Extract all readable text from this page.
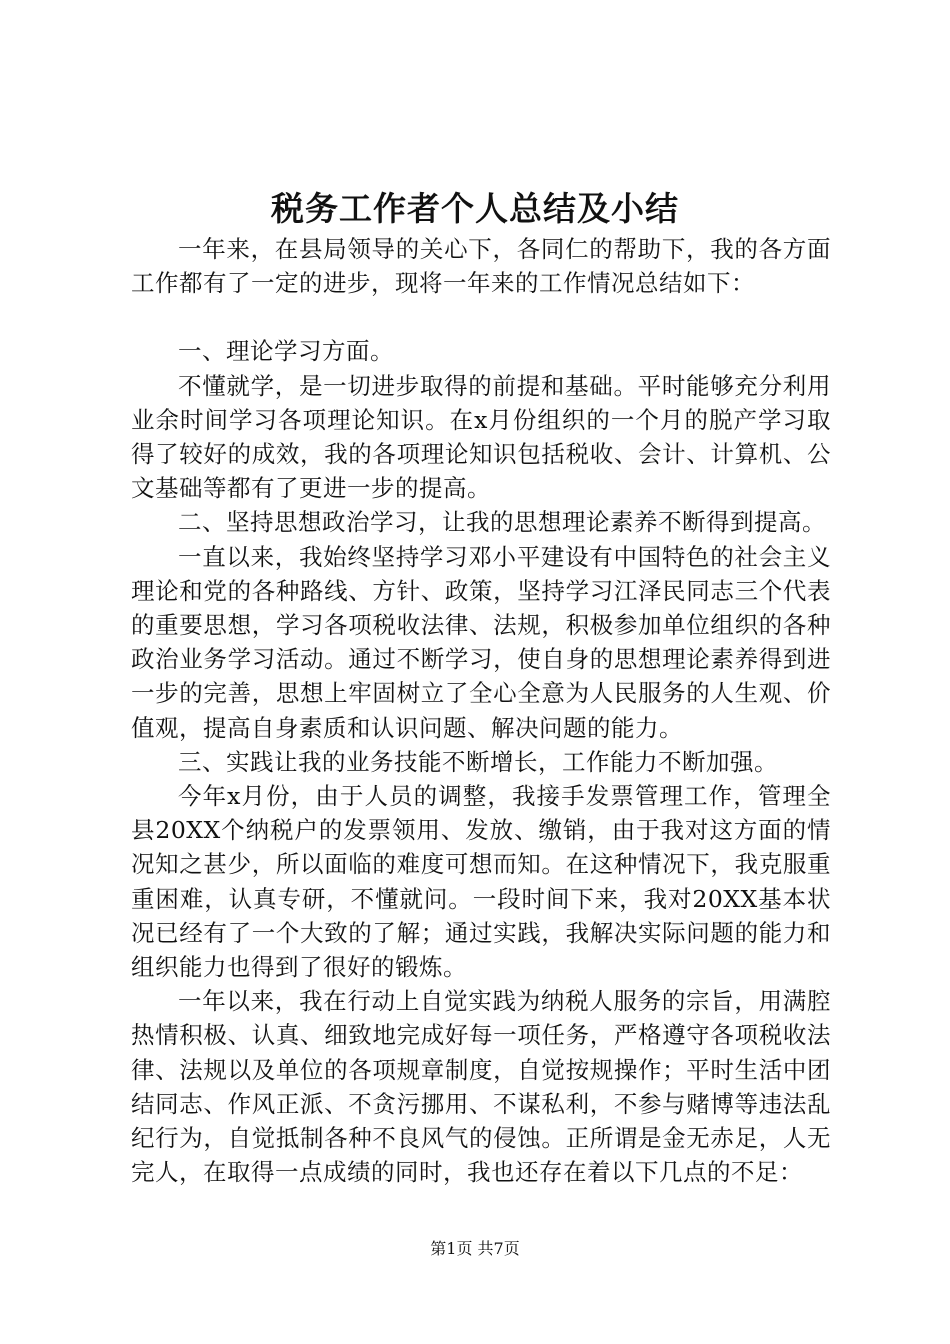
税务工作者个人总结及小结

一年来，在县局领导的关心下，各同仁的帮助下，我的各方面工作都有了一定的进步，现将一年来的工作情况总结如下：

一、理论学习方面。

不懂就学，是一切进步取得的前提和基础。平时能够充分利用业余时间学习各项理论知识。在x月份组织的一个月的脱产学习取得了较好的成效，我的各项理论知识包括税收、会计、计算机、公文基础等都有了更进一步的提高。

二、坚持思想政治学习，让我的思想理论素养不断得到提高。

一直以来，我始终坚持学习邓小平建设有中国特色的社会主义理论和党的各种路线、方针、政策，坚持学习江泽民同志三个代表的重要思想，学习各项税收法律、法规，积极参加单位组织的各种政治业务学习活动。通过不断学习，使自身的思想理论素养得到进一步的完善，思想上牢固树立了全心全意为人民服务的人生观、价值观，提高自身素质和认识问题、解决问题的能力。

三、实践让我的业务技能不断增长，工作能力不断加强。

今年x月份，由于人员的调整，我接手发票管理工作，管理全县20XX个纳税户的发票领用、发放、缴销，由于我对这方面的情况知之甚少，所以面临的难度可想而知。在这种情况下，我克服重重困难，认真专研，不懂就问。一段时间下来，我对20XX基本状况已经有了一个大致的了解；通过实践，我解决实际问题的能力和组织能力也得到了很好的锻炼。

一年以来，我在行动上自觉实践为纳税人服务的宗旨，用满腔热情积极、认真、细致地完成好每一项任务，严格遵守各项税收法律、法规以及单位的各项规章制度，自觉按规操作；平时生活中团结同志、作风正派、不贪污挪用、不谋私利，不参与赌博等违法乱纪行为，自觉抵制各种不良风气的侵蚀。正所谓是金无赤足，人无完人，在取得一点成绩的同时，我也还存在着以下几点的不足：

第1页 共7页
